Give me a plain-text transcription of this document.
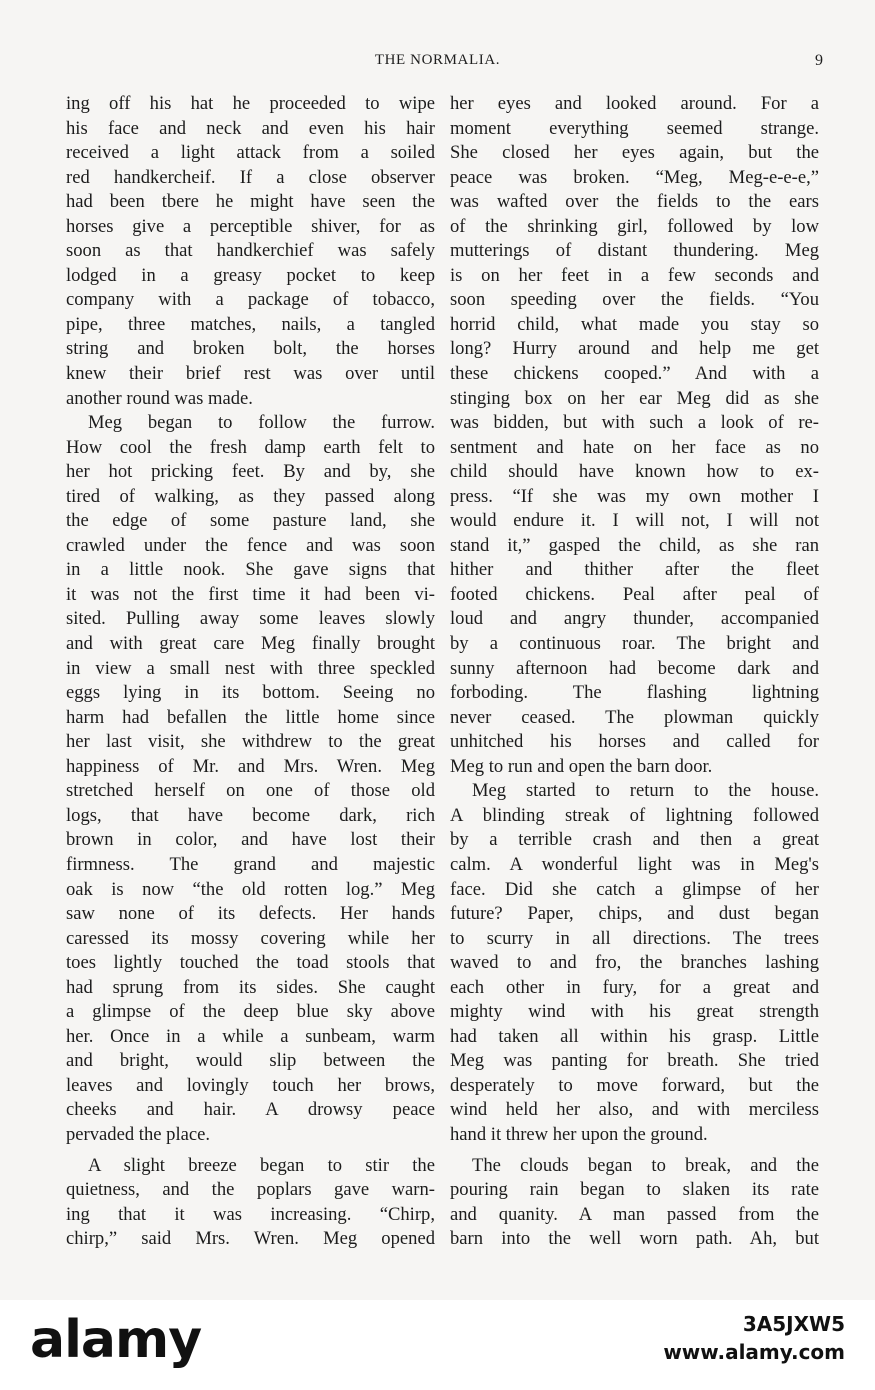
THE NORMALIA.	9
ing off his hat he proceeded to wipe
his face and neck and even his hair
received a light attack from a soiled
red handkercheif. If a close observer
had been tbere he might have seen the
horses give a perceptible shiver, for as
soon as that handkerchief was safely
lodged in a greasy pocket to keep
company with a package of tobacco,
pipe, three matches, nails, a tangled
string and broken bolt, the horses
knew their brief rest was over until
another round was made.
Meg began to follow the furrow.
How cool the fresh damp earth felt to
her hot pricking feet. By and by, she
tired of walking, as they passed along
the edge of some pasture land, she
crawled under the fence and was soon
in a little nook. She gave signs that
it was not the first time it had been vi-
sited. Pulling away some leaves slowly
and with great care Meg finally brought
in view a small nest with three speckled
eggs lying in its bottom. Seeing no
harm had befallen the little home since
her last visit, she withdrew to the great
happiness of Mr. and Mrs. Wren. Meg
stretched herself on one of those old
logs, that have become dark, rich
brown in color, and have lost their
firmness. The grand and majestic
oak is now “the old rotten log.” Meg
saw none of its defects. Her hands
caressed its mossy covering while her
toes lightly touched the toad stools that
had sprung from its sides. She caught
a glimpse of the deep blue sky above
her. Once in a while a sunbeam, warm
and bright, would slip between the
leaves and lovingly touch her brows,
cheeks and hair. A drowsy peace
pervaded the place.
A slight breeze began to stir the
quietness, and the poplars gave warn-
ing that it was increasing. “Chirp,
chirp,” said Mrs. Wren. Meg opened
her eyes and looked around. For a
moment everything seemed strange.
She closed her eyes again, but the
peace was broken. “Meg, Meg-e-e-e,”
was wafted over the fields to the ears
of the shrinking girl, followed by low
mutterings of distant thundering. Meg
is on her feet in a few seconds and
soon speeding over the fields. “You
horrid child, what made you stay so
long? Hurry around and help me get
these chickens cooped.” And with a
stinging box on her ear Meg did as she
was bidden, but with such a look of re-
sentment and hate on her face as no
child should have known how to ex-
press. “If she was my own mother I
would endure it. I will not, I will not
stand it,” gasped the child, as she ran
hither and thither after the fleet
footed chickens. Peal after peal of
loud and angry thunder, accompanied
by a continuous roar. The bright and
sunny afternoon had become dark and
forboding. The flashing lightning
never ceased. The plowman quickly
unhitched his horses and called for
Meg to run and open the barn door.
Meg started to return to the house.
A blinding streak of lightning followed
by a terrible crash and then a great
calm. A wonderful light was in Meg's
face. Did she catch a glimpse of her
future? Paper, chips, and dust began
to scurry in all directions. The trees
waved to and fro, the branches lashing
each other in fury, for a great and
mighty wind with his great strength
had taken all within his grasp. Little
Meg was panting for breath. She tried
desperately to move forward, but the
wind held her also, and with merciless
hand it threw her upon the ground.
The clouds began to break, and the
pouring rain began to slaken its rate
and quanity. A man passed from the
barn into the well worn path. Ah, but
alamy	3A5JXW5
www.alamy.com
